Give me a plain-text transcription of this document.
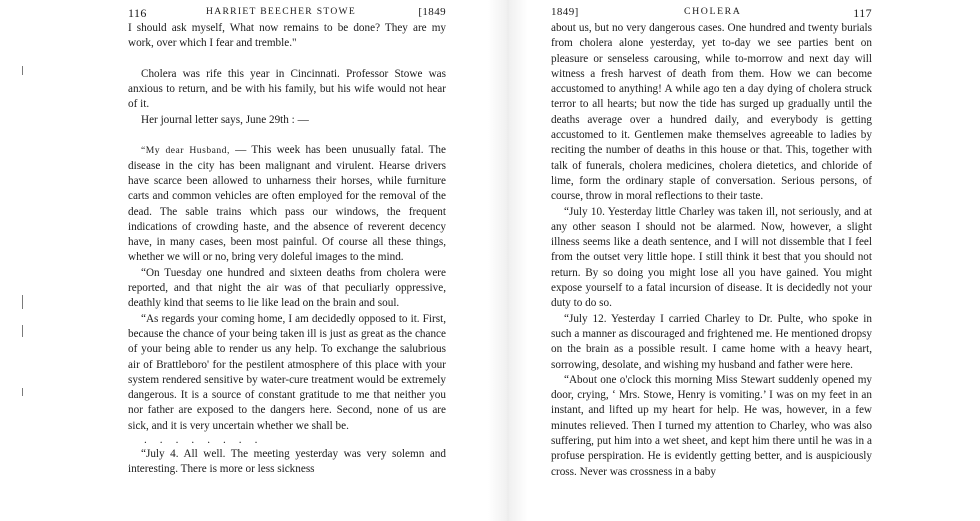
116	HARRIET BEECHER STOWE	[1849

I should ask myself, What now remains to be done? They are my work, over which I fear and tremble."

Cholera was rife this year in Cincinnati. Professor Stowe was anxious to return, and be with his family, but his wife would not hear of it.

Her journal letter says, June 29th : —

“My dear Husband, — This week has been unusually fatal. The disease in the city has been malignant and virulent. Hearse drivers have scarce been allowed to unharness their horses, while furniture carts and common vehicles are often employed for the removal of the dead. The sable trains which pass our windows, the frequent indications of crowding haste, and the absence of reverent decency have, in many cases, been most painful. Of course all these things, whether we will or no, bring very doleful images to the mind.

“On Tuesday one hundred and sixteen deaths from cholera were reported, and that night the air was of that peculiarly oppressive, deathly kind that seems to lie like lead on the brain and soul.

“As regards your coming home, I am decidedly opposed to it. First, because the chance of your being taken ill is just as great as the chance of your being able to render us any help. To exchange the salubrious air of Brattleboro' for the pestilent atmosphere of this place with your system rendered sensitive by water-cure treatment would be extremely dangerous. It is a source of constant gratitude to me that neither you nor father are exposed to the dangers here. Second, none of us are sick, and it is very uncertain whether we shall be.

........

“July 4. All well. The meeting yesterday was very solemn and interesting. There is more or less sickness

1849]	CHOLERA	117

about us, but no very dangerous cases. One hundred and twenty burials from cholera alone yesterday, yet to-day we see parties bent on pleasure or senseless carousing, while to-morrow and next day will witness a fresh harvest of death from them. How we can become accustomed to anything! A while ago ten a day dying of cholera struck terror to all hearts; but now the tide has surged up gradually until the deaths average over a hundred daily, and everybody is getting accustomed to it. Gentlemen make themselves agreeable to ladies by reciting the number of deaths in this house or that. This, together with talk of funerals, cholera medicines, cholera dietetics, and chloride of lime, form the ordinary staple of conversation. Serious persons, of course, throw in moral reflections to their taste.

“July 10. Yesterday little Charley was taken ill, not seriously, and at any other season I should not be alarmed. Now, however, a slight illness seems like a death sentence, and I will not dissemble that I feel from the outset very little hope. I still think it best that you should not return. By so doing you might lose all you have gained. You might expose yourself to a fatal incursion of disease. It is decidedly not your duty to do so.

“July 12. Yesterday I carried Charley to Dr. Pulte, who spoke in such a manner as discouraged and frightened me. He mentioned dropsy on the brain as a possible result. I came home with a heavy heart, sorrowing, desolate, and wishing my husband and father were here.

“About one o'clock this morning Miss Stewart suddenly opened my door, crying, ‘ Mrs. Stowe, Henry is vomiting.’ I was on my feet in an instant, and lifted up my heart for help. He was, however, in a few minutes relieved. Then I turned my attention to Charley, who was also suffering, put him into a wet sheet, and kept him there until he was in a profuse perspiration. He is evidently getting better, and is auspiciously cross. Never was crossness in a baby
